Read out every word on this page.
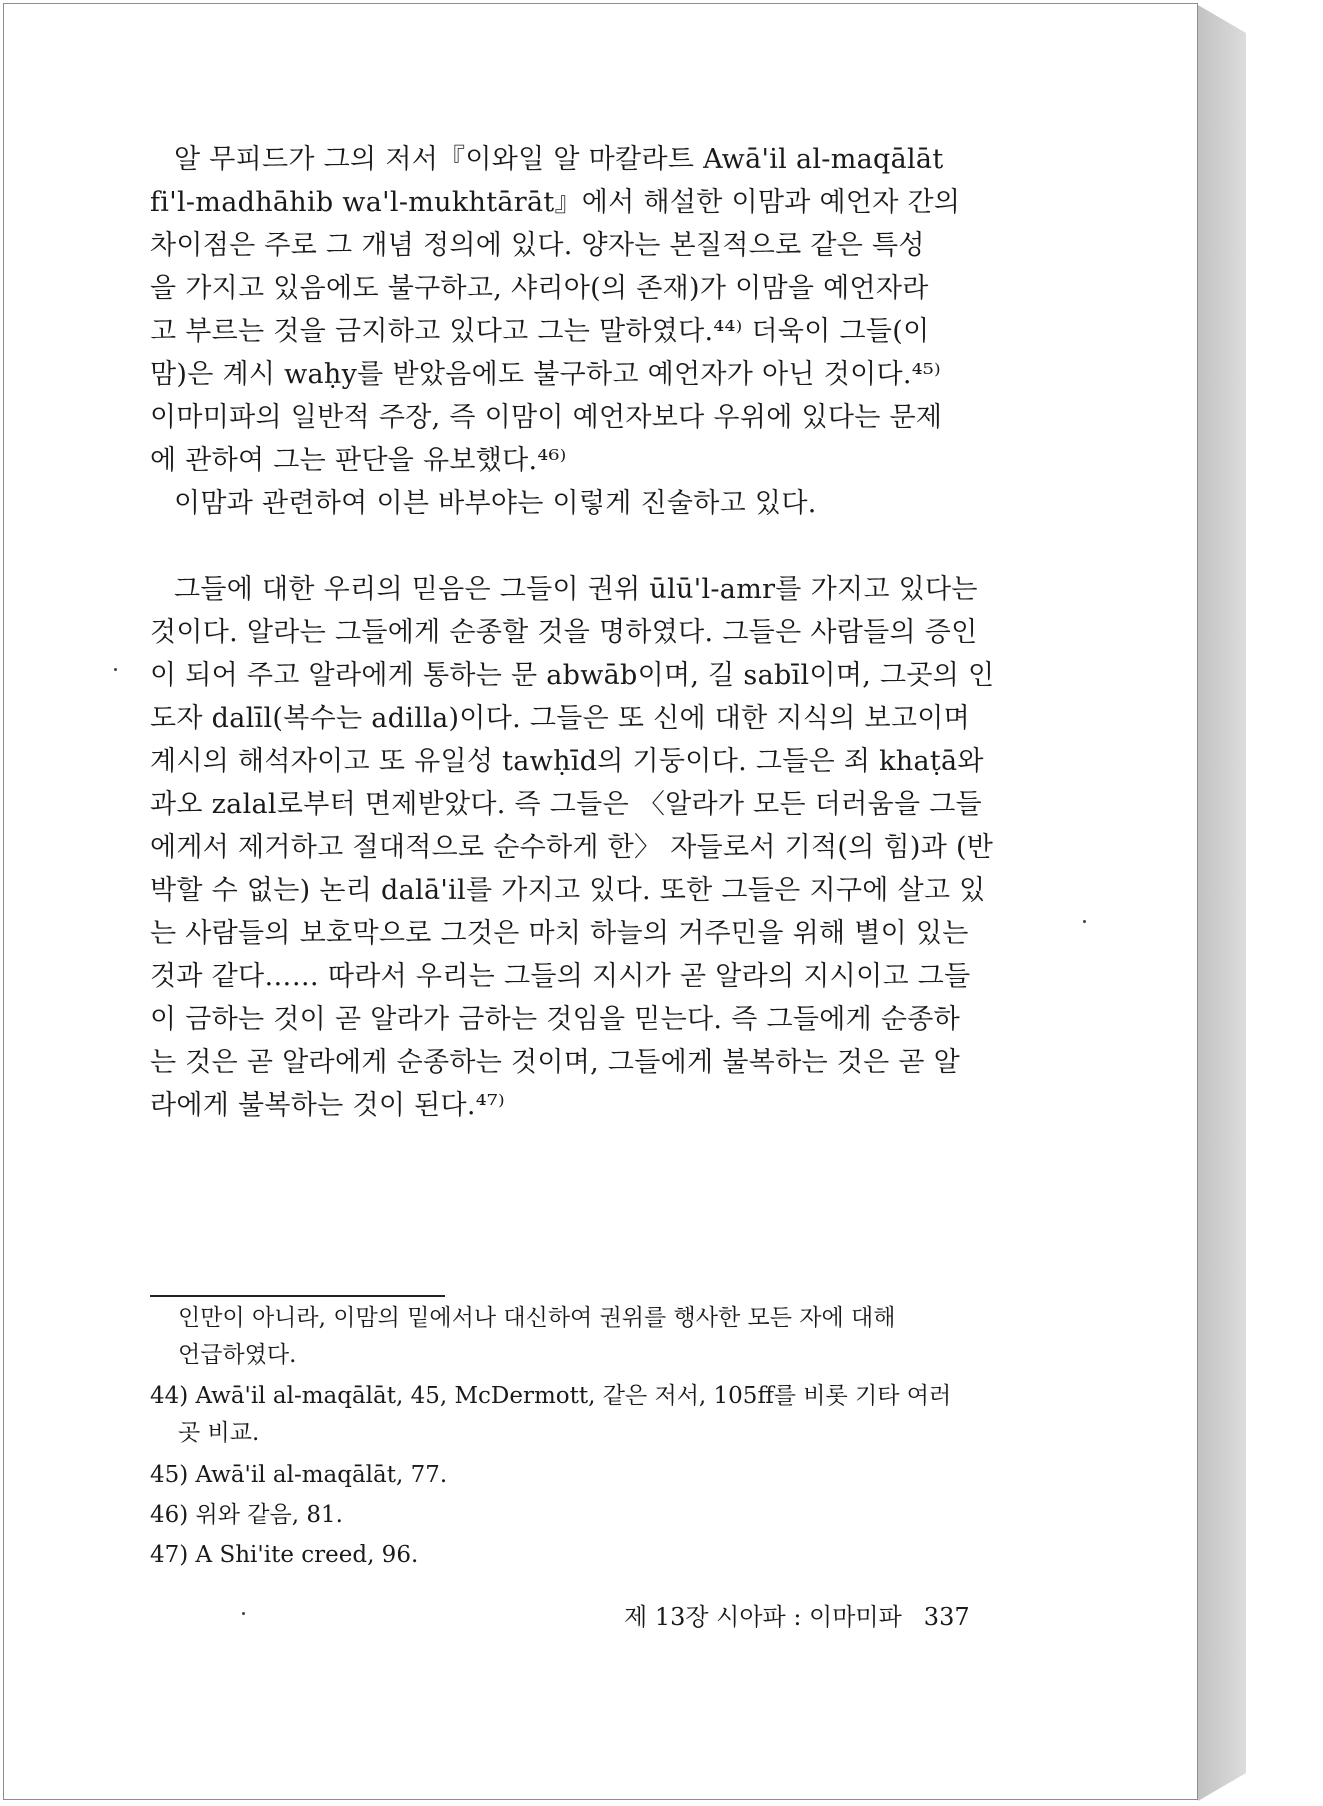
알 무피드가 그의 저서『이와일 알 마칼라트 Awā'il al-maqālāt
fi'l-madhāhib wa'l-mukhtārāt』에서 해설한 이맘과 예언자 간의
차이점은 주로 그 개념 정의에 있다. 양자는 본질적으로 같은 특성
을 가지고 있음에도 불구하고, 샤리아(의 존재)가 이맘을 예언자라
고 부르는 것을 금지하고 있다고 그는 말하였다.⁴⁴⁾ 더욱이 그들(이
맘)은 계시 waḥy를 받았음에도 불구하고 예언자가 아닌 것이다.⁴⁵⁾
이마미파의 일반적 주장, 즉 이맘이 예언자보다 우위에 있다는 문제
에 관하여 그는 판단을 유보했다.⁴⁶⁾
이맘과 관련하여 이븐 바부야는 이렇게 진술하고 있다.
그들에 대한 우리의 믿음은 그들이 권위 ūlū'l-amr를 가지고 있다는
것이다. 알라는 그들에게 순종할 것을 명하였다. 그들은 사람들의 증인
이 되어 주고 알라에게 통하는 문 abwāb이며, 길 sabīl이며, 그곳의 인
도자 dalīl(복수는 adilla)이다. 그들은 또 신에 대한 지식의 보고이며
계시의 해석자이고 또 유일성 tawḥīd의 기둥이다. 그들은 죄 khaṭā와
과오 zalal로부터 면제받았다. 즉 그들은 〈알라가 모든 더러움을 그들
에게서 제거하고 절대적으로 순수하게 한〉 자들로서 기적(의 힘)과 (반
박할 수 없는) 논리 dalā'il를 가지고 있다. 또한 그들은 지구에 살고 있
는 사람들의 보호막으로 그것은 마치 하늘의 거주민을 위해 별이 있는
것과 같다…… 따라서 우리는 그들의 지시가 곧 알라의 지시이고 그들
이 금하는 것이 곧 알라가 금하는 것임을 믿는다. 즉 그들에게 순종하
는 것은 곧 알라에게 순종하는 것이며, 그들에게 불복하는 것은 곧 알
라에게 불복하는 것이 된다.⁴⁷⁾
인만이 아니라, 이맘의 밑에서나 대신하여 권위를 행사한 모든 자에 대해
언급하였다.
44) Awā'il al-maqālāt, 45, McDermott, 같은 저서, 105ff를 비롯 기타 여러
곳 비교.
45) Awā'il al-maqālāt, 77.
46) 위와 같음, 81.
47) A Shi'ite creed, 96.
제 13장 시아파 : 이마미파 337
